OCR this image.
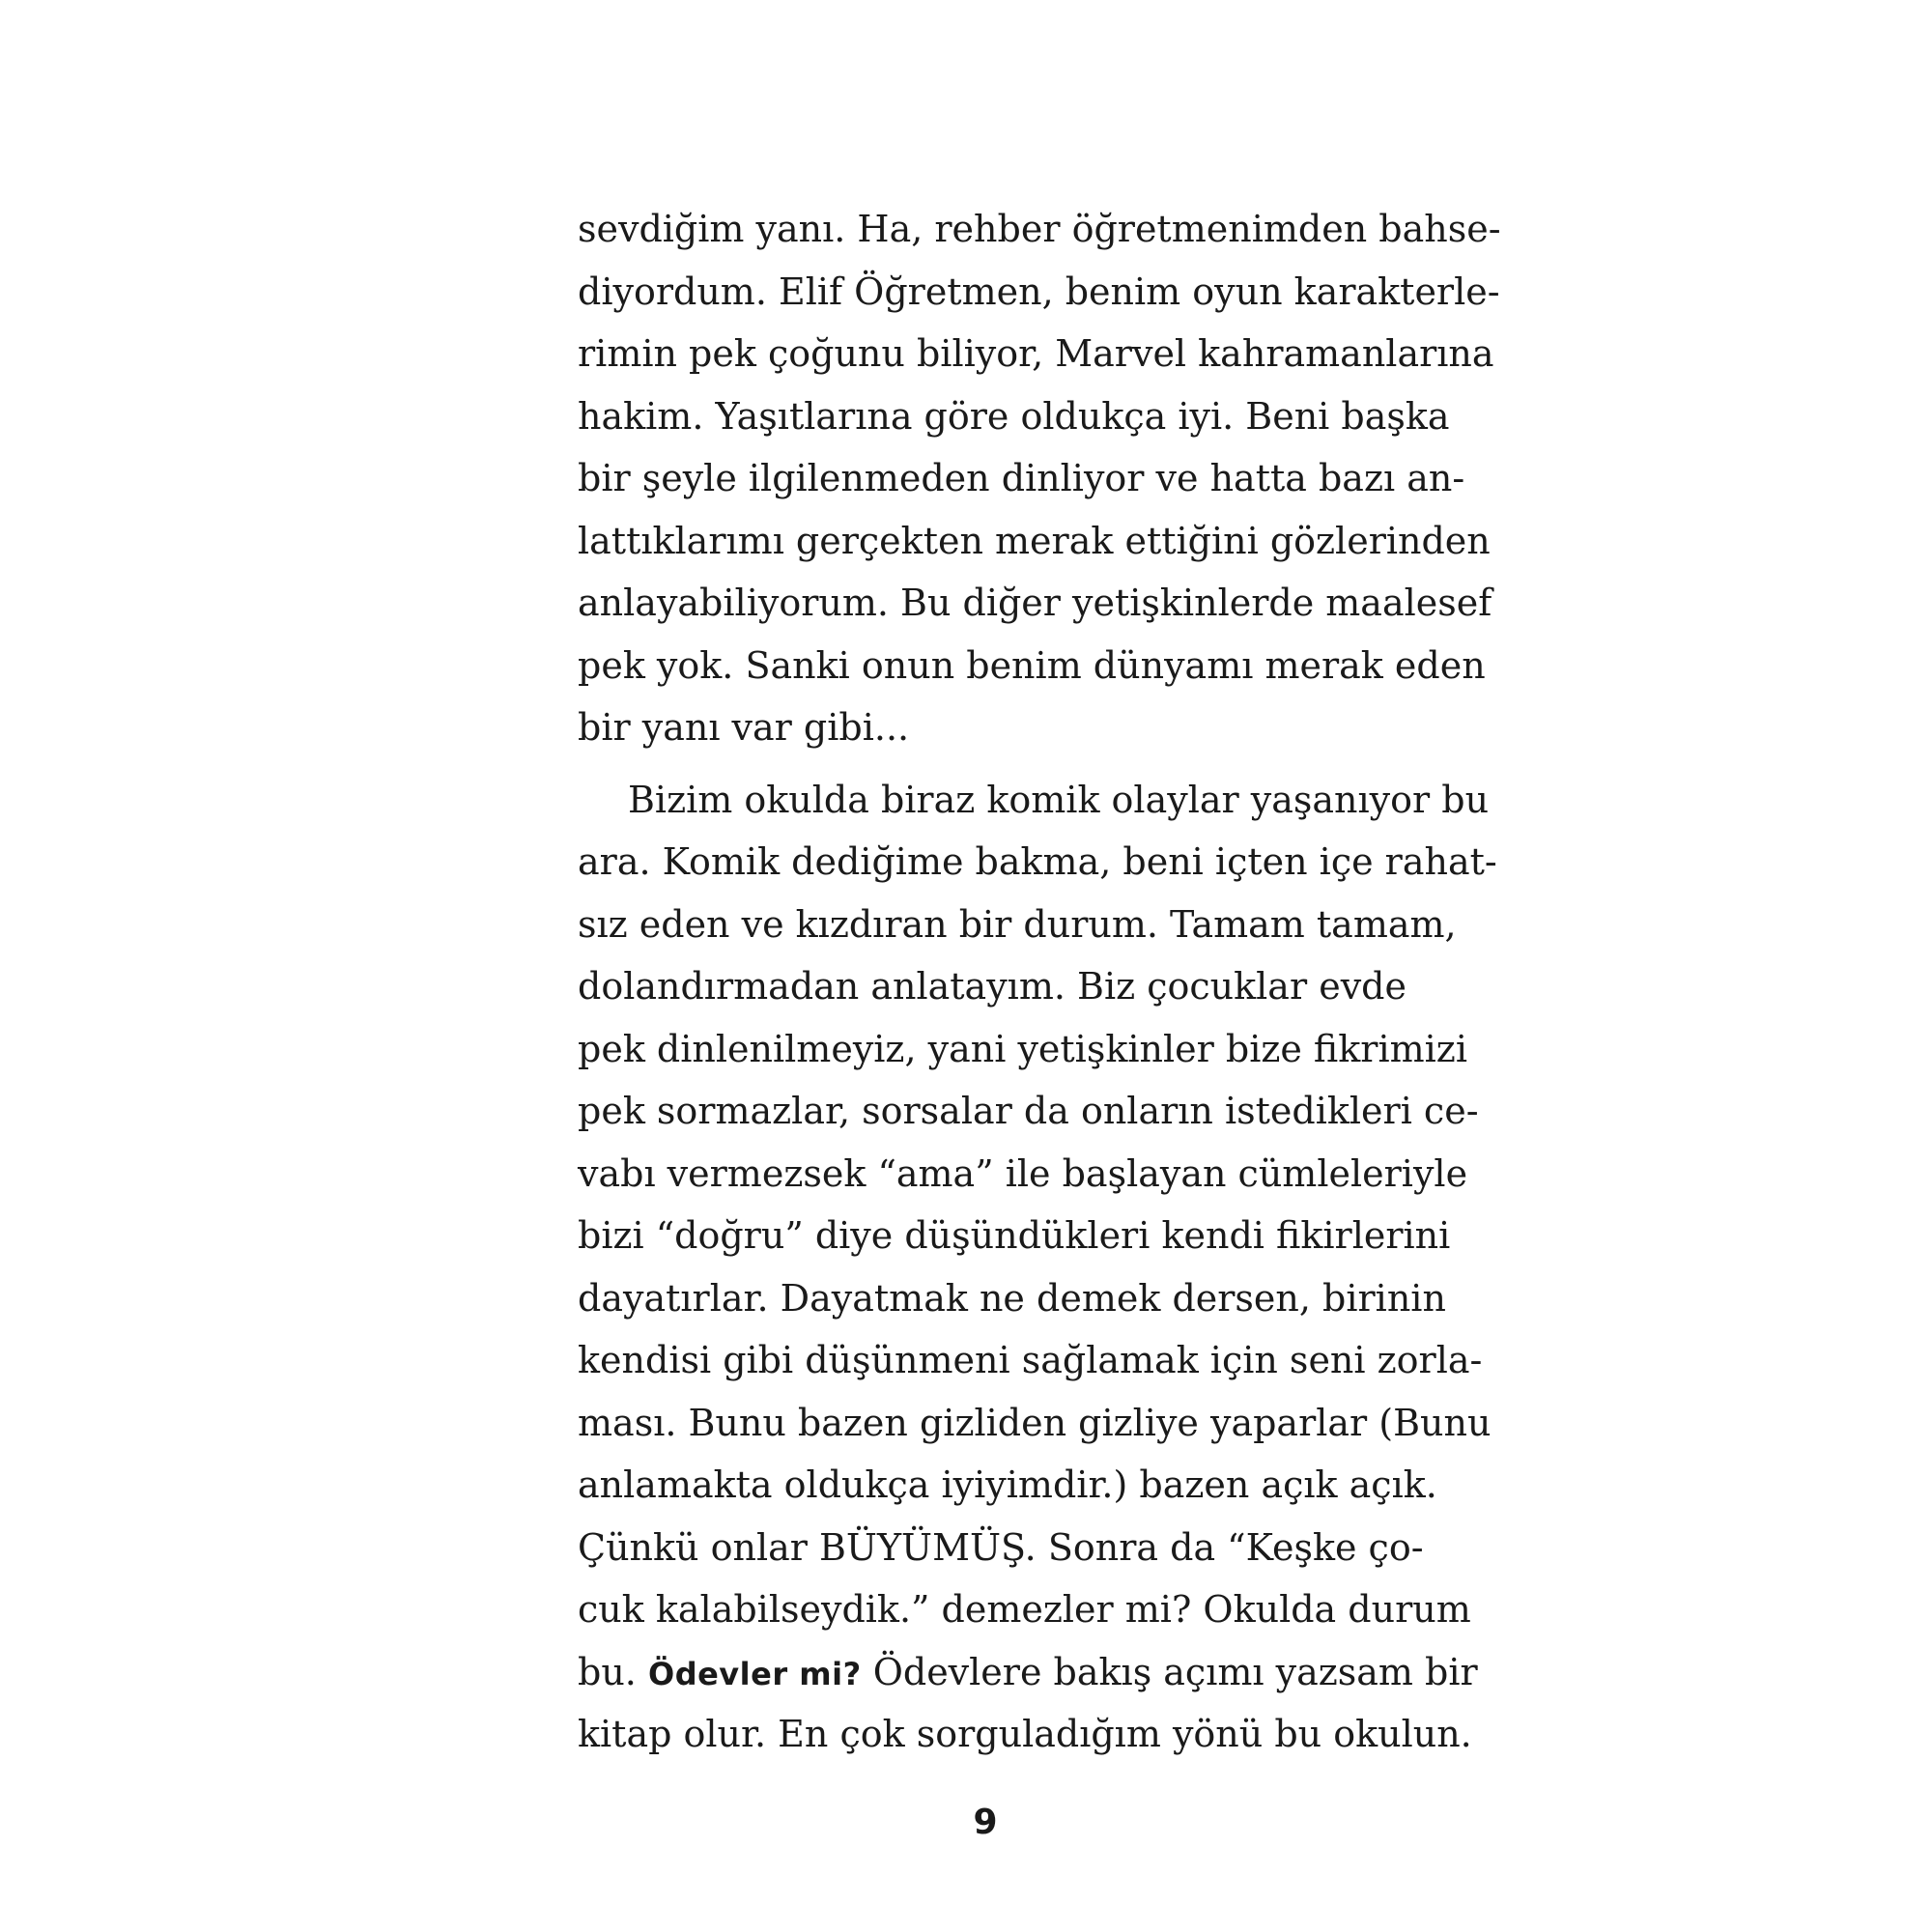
sevdiğim yanı. Ha, rehber öğretmenimden bahse-
diyordum. Elif Öğretmen, benim oyun karakterle-
rimin pek çoğunu biliyor, Marvel kahramanlarına
hakim. Yaşıtlarına göre oldukça iyi. Beni başka
bir şeyle ilgilenmeden dinliyor ve hatta bazı an-
lattıklarımı gerçekten merak ettiğini gözlerinden
anlayabiliyorum. Bu diğer yetişkinlerde maalesef
pek yok. Sanki onun benim dünyamı merak eden
bir yanı var gibi...
Bizim okulda biraz komik olaylar yaşanıyor bu
ara. Komik dediğime bakma, beni içten içe rahat-
sız eden ve kızdıran bir durum. Tamam tamam,
dolandırmadan anlatayım. Biz çocuklar evde
pek dinlenilmeyiz, yani yetişkinler bize fikrimizi
pek sormazlar, sorsalar da onların istedikleri ce-
vabı vermezsek “ama” ile başlayan cümleleriyle
bizi “doğru” diye düşündükleri kendi fikirlerini
dayatırlar. Dayatmak ne demek dersen, birinin
kendisi gibi düşünmeni sağlamak için seni zorla-
ması. Bunu bazen gizliden gizliye yaparlar (Bunu
anlamakta oldukça iyiyimdir.) bazen açık açık.
Çünkü onlar BÜYÜMÜŞ. Sonra da “Keşke ço-
cuk kalabilseydik.” demezler mi? Okulda durum
bu. Ödevler mi? Ödevlere bakış açımı yazsam bir
kitap olur. En çok sorguladığım yönü bu okulun.
9
